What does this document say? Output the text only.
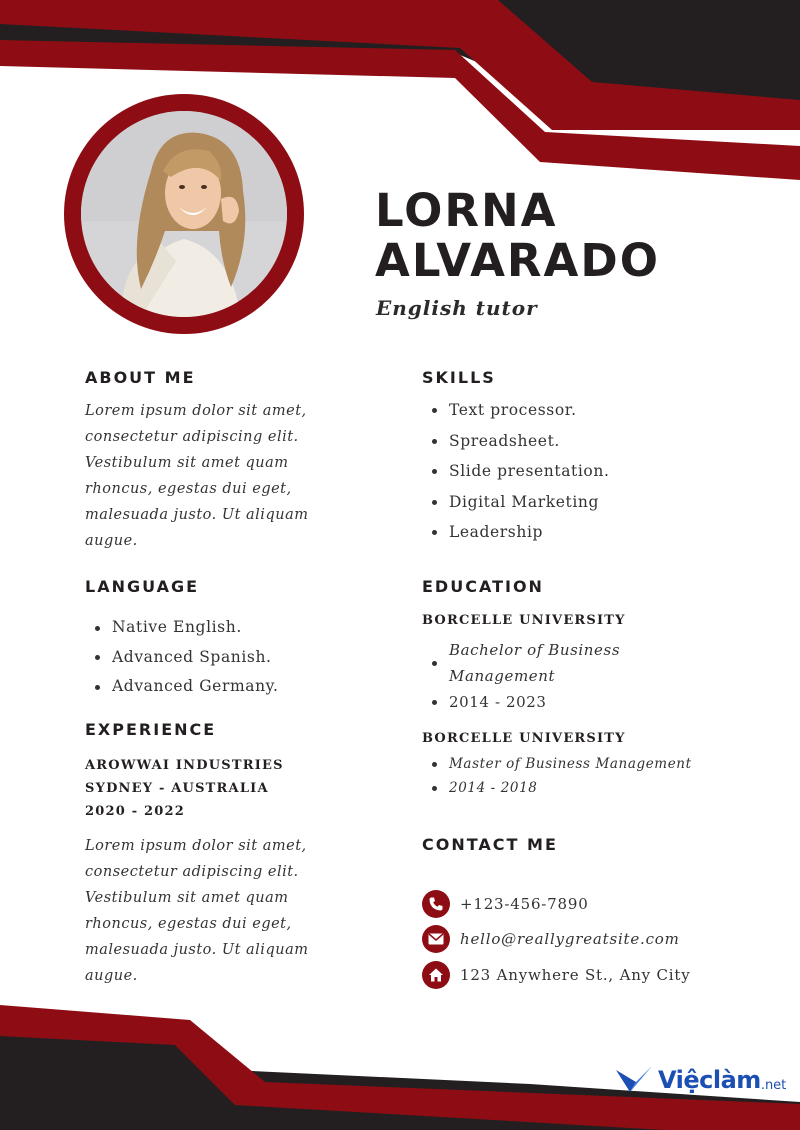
LORNA
ALVARADO
English tutor
ABOUT ME
Lorem ipsum dolor sit amet,
consectetur adipiscing elit.
Vestibulum sit amet quam
rhoncus, egestas dui eget,
malesuada justo. Ut aliquam
augue.
LANGUAGE
Native English.
Advanced Spanish.
Advanced Germany.
EXPERIENCE
AROWWAI INDUSTRIES
SYDNEY - AUSTRALIA
2020 - 2022
Lorem ipsum dolor sit amet,
consectetur adipiscing elit.
Vestibulum sit amet quam
rhoncus, egestas dui eget,
malesuada justo. Ut aliquam
augue.
SKILLS
Text processor.
Spreadsheet.
Slide presentation.
Digital Marketing
Leadership
EDUCATION
BORCELLE UNIVERSITY
Bachelor of Business
Management
2014 - 2023
BORCELLE UNIVERSITY
Master of Business Management
2014 - 2018
CONTACT ME
+123-456-7890
hello@reallygreatsite.com
123 Anywhere St., Any City
Việclàm .net
